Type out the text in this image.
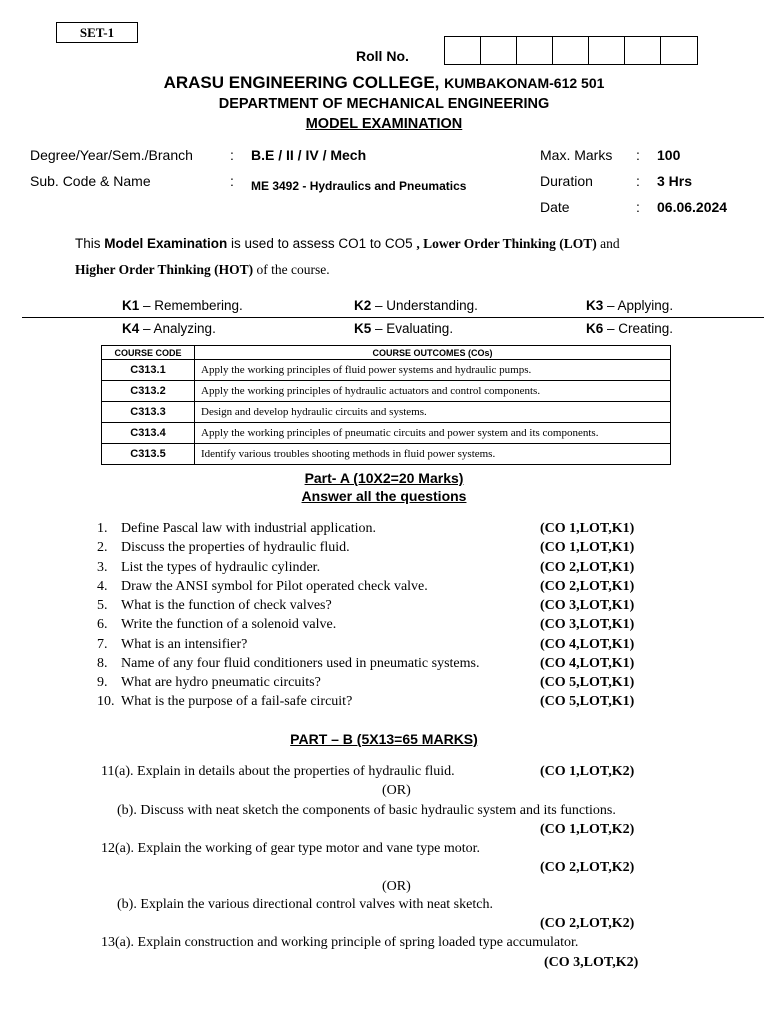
SET-1
Roll No.
ARASU ENGINEERING COLLEGE, KUMBAKONAM-612 501
DEPARTMENT OF MECHANICAL ENGINEERING
MODEL EXAMINATION
Degree/Year/Sem./Branch	: B.E / II / IV / Mech
Sub. Code & Name	: ME 3492 - Hydraulics and Pneumatics
Max. Marks : 100
Duration	: 3 Hrs
Date	: 06.06.2024
This Model Examination is used to assess CO1 to CO5 , Lower Order Thinking (LOT) and
Higher Order Thinking (HOT) of the course.
K1 – Remembering.	K2 – Understanding.	K3 – Applying.
K4 – Analyzing.	K5 – Evaluating.	K6 – Creating.
COURSE CODE	COURSE OUTCOMES (COs)
C313.1	Apply the working principles of fluid power systems and hydraulic pumps.
C313.2	Apply the working principles of hydraulic actuators and control components.
C313.3	Design and develop hydraulic circuits and systems.
C313.4	Apply the working principles of pneumatic circuits and power system and its components.
C313.5	Identify various troubles shooting methods in fluid power systems.
Part- A (10X2=20 Marks)
Answer all the questions
1. Define Pascal law with industrial application.	(CO 1,LOT,K1)
2. Discuss the properties of hydraulic fluid.	(CO 1,LOT,K1)
3. List the types of hydraulic cylinder.	(CO 2,LOT,K1)
4. Draw the ANSI symbol for Pilot operated check valve.	(CO 2,LOT,K1)
5. What is the function of check valves?	(CO 3,LOT,K1)
6. Write the function of a solenoid valve.	(CO 3,LOT,K1)
7. What is an intensifier?	(CO 4,LOT,K1)
8. Name of any four fluid conditioners used in pneumatic systems.	(CO 4,LOT,K1)
9. What are hydro pneumatic circuits?	(CO 5,LOT,K1)
10. What is the purpose of a fail-safe circuit?	(CO 5,LOT,K1)
PART – B (5X13=65 MARKS)
11(a). Explain in details about the properties of hydraulic fluid.	(CO 1,LOT,K2)
(OR)
(b). Discuss with neat sketch the components of basic hydraulic system and its functions.
(CO 1,LOT,K2)
12(a). Explain the working of gear type motor and vane type motor.
(CO 2,LOT,K2)
(OR)
(b). Explain the various directional control valves with neat sketch.
(CO 2,LOT,K2)
13(a). Explain construction and working principle of spring loaded type accumulator.
(CO 3,LOT,K2)
